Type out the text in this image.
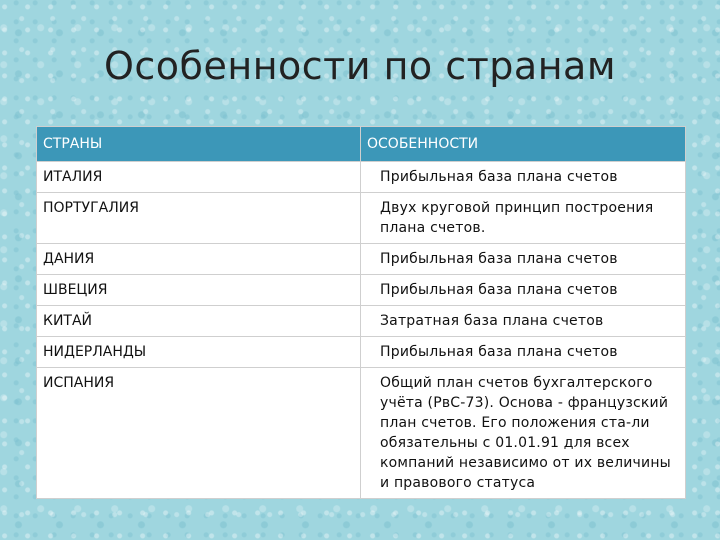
Особенности по странам
СТРАНЫ	ОСОБЕННОСТИ
ИТАЛИЯ	Прибыльная база плана счетов
ПОРТУГАЛИЯ	Двух круговой принцип построения плана счетов.
ДАНИЯ	Прибыльная база плана счетов
ШВЕЦИЯ	Прибыльная база плана счетов
КИТАЙ	Затратная база плана счетов
НИДЕРЛАНДЫ	Прибыльная база плана счетов
ИСПАНИЯ	Общий план счетов бухгалтерского учёта (РвС-73). Основа - французский план счетов. Его положения ста-ли обязательны с 01.01.91 для всех компаний независимо от их величины и правового статуса
